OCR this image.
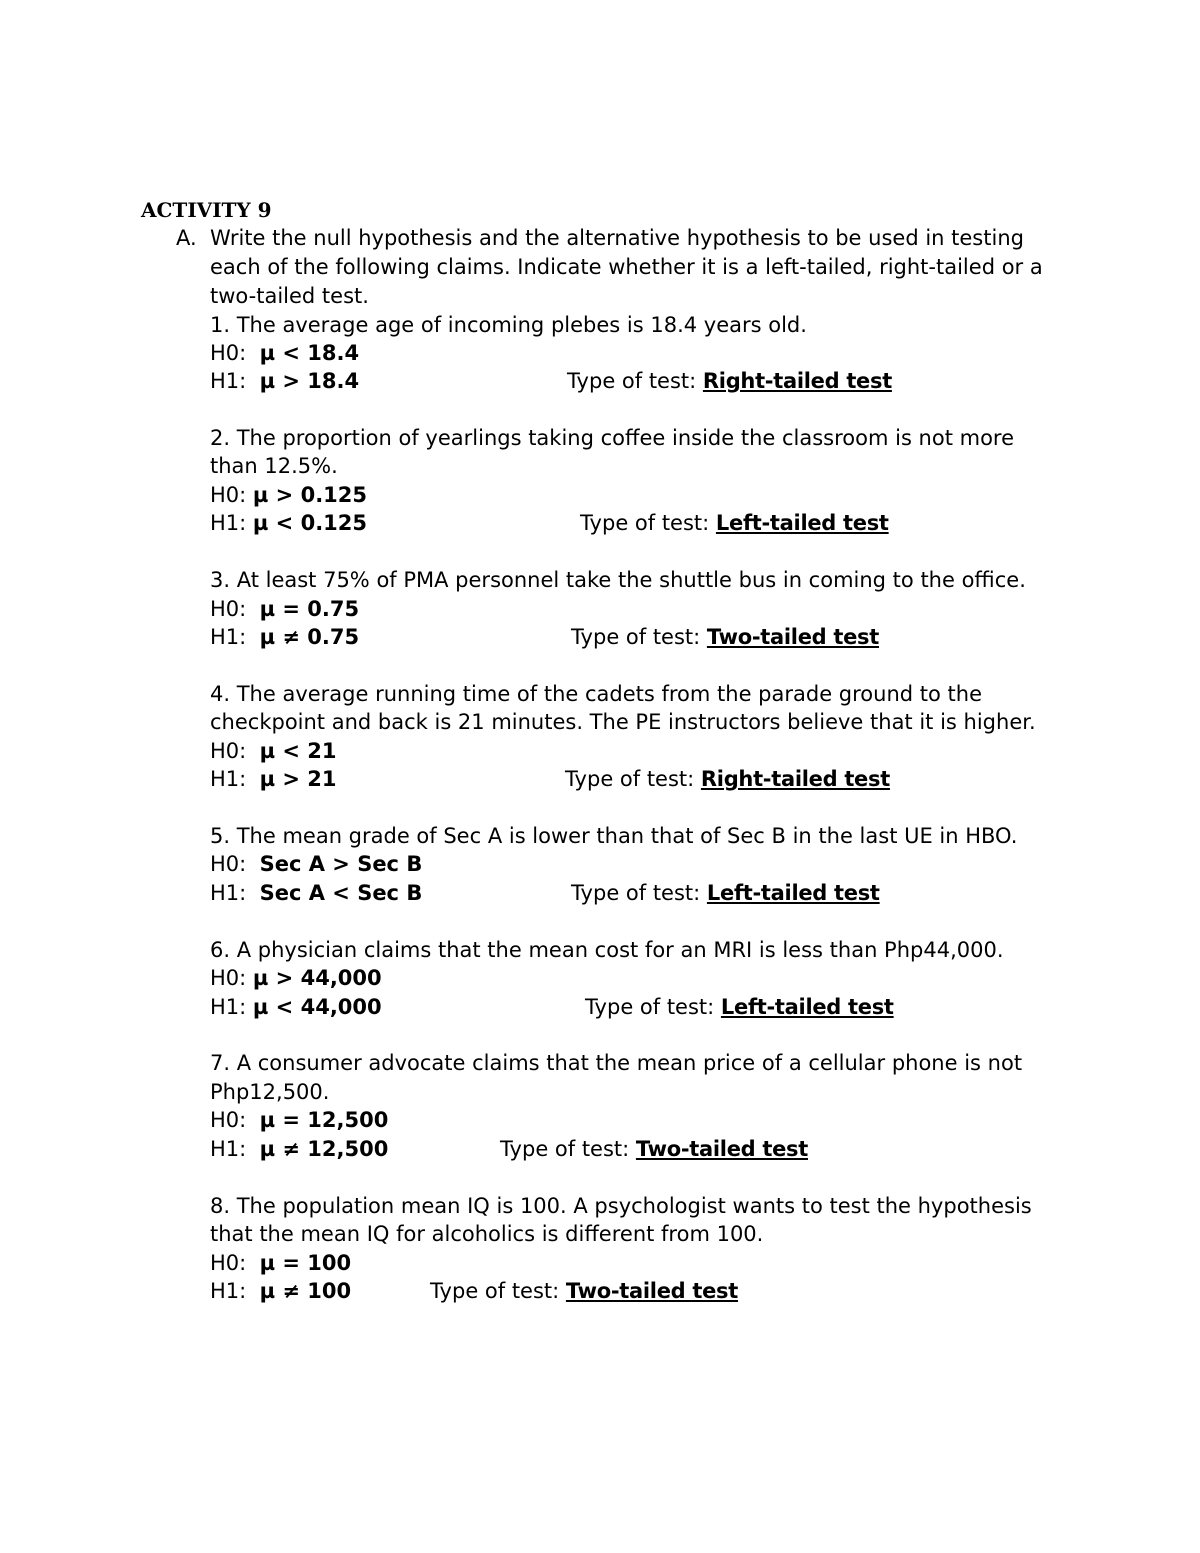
ACTIVITY 9
A. Write the null hypothesis and the alternative hypothesis to be used in testing
each of the following claims. Indicate whether it is a left-tailed, right-tailed or a
two-tailed test.
1. The average age of incoming plebes is 18.4 years old.
H0: µ < 18.4
H1: µ > 18.4	Type of test: Right-tailed test
2. The proportion of yearlings taking coffee inside the classroom is not more
than 12.5%.
H0: µ > 0.125
H1: µ < 0.125	Type of test: Left-tailed test
3. At least 75% of PMA personnel take the shuttle bus in coming to the office.
H0: µ = 0.75
H1: µ ≠ 0.75	Type of test: Two-tailed test
4. The average running time of the cadets from the parade ground to the
checkpoint and back is 21 minutes. The PE instructors believe that it is higher.
H0: µ < 21
H1: µ > 21	Type of test: Right-tailed test
5. The mean grade of Sec A is lower than that of Sec B in the last UE in HBO.
H0: Sec A > Sec B
H1: Sec A < Sec B	Type of test: Left-tailed test
6. A physician claims that the mean cost for an MRI is less than Php44,000.
H0: µ > 44,000
H1: µ < 44,000	Type of test: Left-tailed test
7. A consumer advocate claims that the mean price of a cellular phone is not
Php12,500.
H0: µ = 12,500
H1: µ ≠ 12,500	Type of test: Two-tailed test
8. The population mean IQ is 100. A psychologist wants to test the hypothesis
that the mean IQ for alcoholics is different from 100.
H0: µ = 100
H1: µ ≠ 100	Type of test: Two-tailed test
